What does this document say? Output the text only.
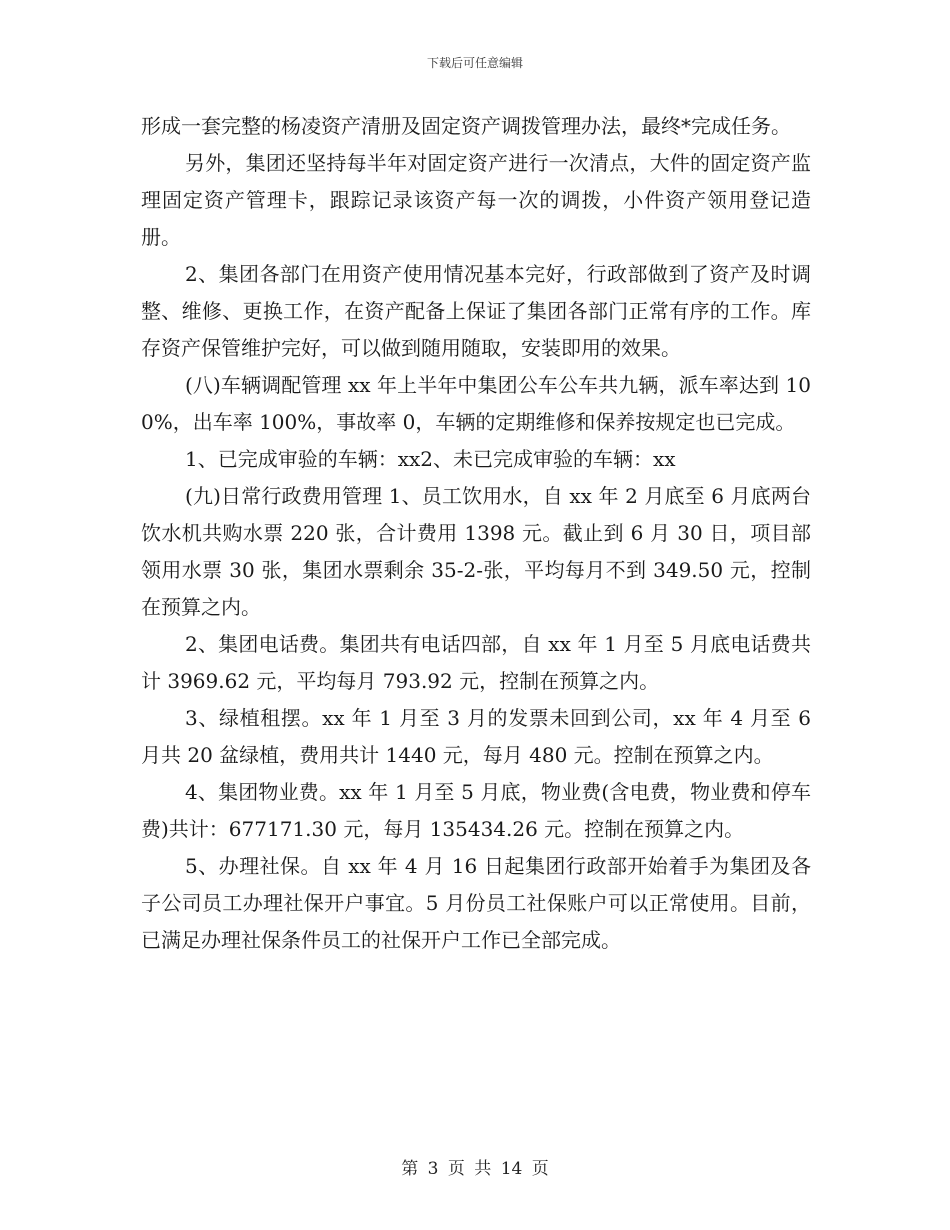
下载后可任意编辑

形成一套完整的杨凌资产清册及固定资产调拨管理办法，最终*完成任务。

另外，集团还坚持每半年对固定资产进行一次清点，大件的固定资产监理固定资产管理卡，跟踪记录该资产每一次的调拨，小件资产领用登记造册。

2、集团各部门在用资产使用情况基本完好，行政部做到了资产及时调整、维修、更换工作，在资产配备上保证了集团各部门正常有序的工作。库存资产保管维护完好，可以做到随用随取，安装即用的效果。

(八)车辆调配管理 xx 年上半年中集团公车公车共九辆，派车率达到 100%，出车率 100%，事故率 0，车辆的定期维修和保养按规定也已完成。

1、已完成审验的车辆：xx2、未已完成审验的车辆：xx

(九)日常行政费用管理 1、员工饮用水，自 xx 年 2 月底至 6 月底两台饮水机共购水票 220 张，合计费用 1398 元。截止到 6 月 30 日，项目部领用水票 30 张，集团水票剩余 35-2-张，平均每月不到 349.50 元，控制在预算之内。

2、集团电话费。集团共有电话四部，自 xx 年 1 月至 5 月底电话费共计 3969.62 元，平均每月 793.92 元，控制在预算之内。

3、绿植租摆。xx 年 1 月至 3 月的发票未回到公司，xx 年 4 月至 6 月共 20 盆绿植，费用共计 1440 元，每月 480 元。控制在预算之内。

4、集团物业费。xx 年 1 月至 5 月底，物业费(含电费，物业费和停车费)共计：677171.30 元，每月 135434.26 元。控制在预算之内。

5、办理社保。自 xx 年 4 月 16 日起集团行政部开始着手为集团及各子公司员工办理社保开户事宜。5 月份员工社保账户可以正常使用。目前，已满足办理社保条件员工的社保开户工作已全部完成。

第 3 页 共 14 页
